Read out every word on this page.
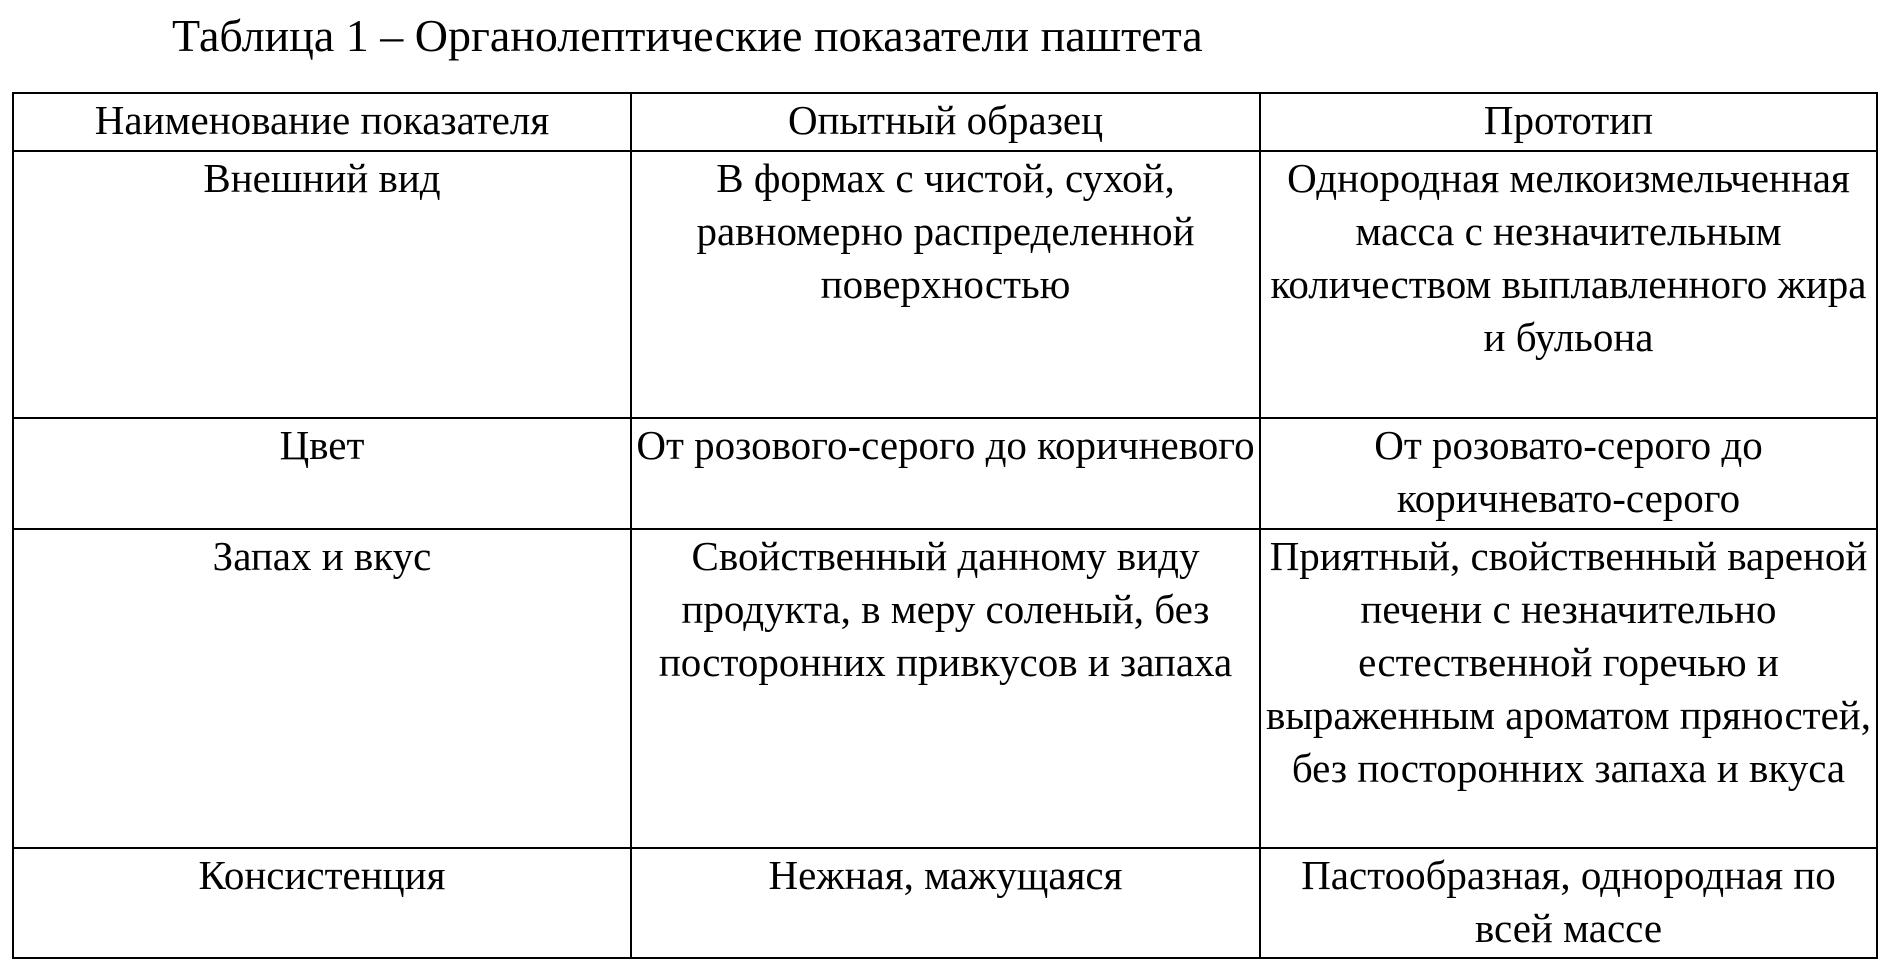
Таблица 1 – Органолептические показатели паштета
Наименование показателя	Опытный образец	Прототип
Внешний вид	В формах с чистой, сухой, равномерно распределенной поверхностью	Однородная мелкоизмельченная масса с незначительным количеством выплавленного жира и бульона
Цвет	От розового-серого до коричневого	От розовато-серого до коричневато-серого
Запах и вкус	Свойственный данному виду продукта, в меру соленый, без посторонних привкусов и запаха	Приятный, свойственный вареной печени с незначительно естественной горечью и выраженным ароматом пряностей, без посторонних запаха и вкуса
Консистенция	Нежная, мажущаяся	Пастообразная, однородная по всей массе
